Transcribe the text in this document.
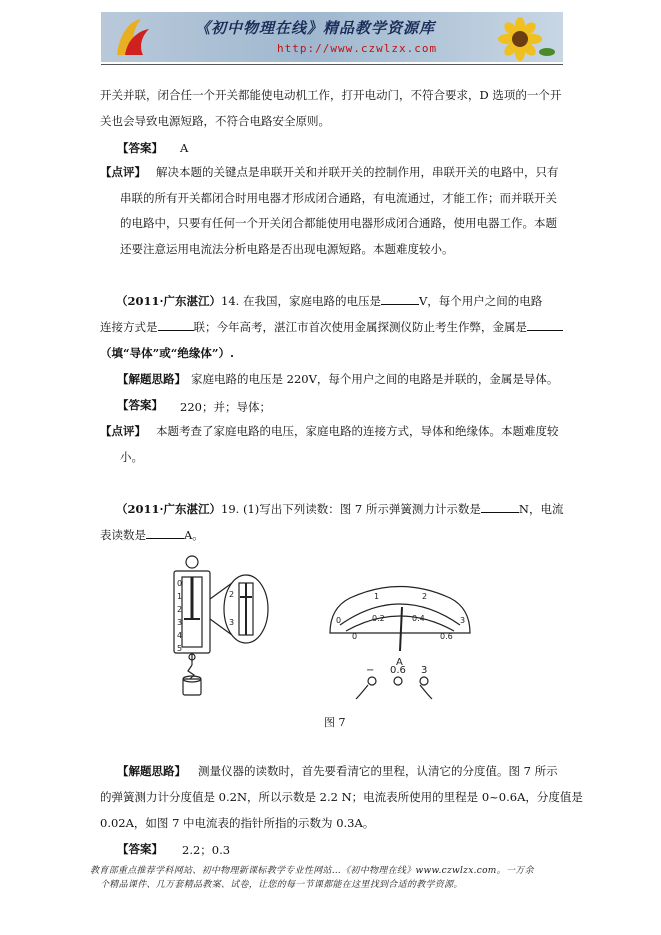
《初中物理在线》精品教学资源库
http://www.czwlzx.com
开关并联，闭合任一个开关都能使电动机工作，打开电动门，不符合要求，D 选项的一个开
关也会导致电源短路，不符合电路安全原则。
【答案】 A
【点评】 解决本题的关键点是串联开关和并联开关的控制作用，串联开关的电路中，只有
串联的所有开关都闭合时用电器才形成闭合通路，有电流通过，才能工作；而并联开关
的电路中，只要有任何一个开关闭合都能使用电器形成闭合通路，使用电器工作。本题
还要注意运用电流法分析电路是否出现电源短路。本题难度较小。
（2011·广东湛江）14. 在我国，家庭电路的电压是	V，每个用户之间的电路
连接方式是	联；今年高考，湛江市首次使用金属探测仪防止考生作弊，金属是
（填“导体”或“绝缘体”）.
【解题思路】 家庭电路的电压是 220V，每个用户之间的电路是并联的，金属是导体。
【答案】 220；并；导体；
【点评】 本题考查了家庭电路的电压，家庭电路的连接方式，导体和绝缘体。本题难度较
小。
（2011·广东湛江）19. (1)写出下列读数：图 7 所示弹簧测力计示数是	N，电流
表读数是	A。
0
1
2
3
4
5
2
3	0
1	2
3
0
0.2	0.4
0.6
A
− 0.6 3
图 7
【解题思路】 测量仪器的读数时，首先要看清它的里程，认清它的分度值。图 7 所示
的弹簧测力计分度值是 0.2N，所以示数是 2.2 N；电流表所使用的里程是 0~0.6A，分度值是
0.02A，如图 7 中电流表的指针所指的示数为 0.3A。
【答案】 2.2；0.3
教育部重点推荐学科网站、初中物理新课标教学专业性网站…《初中物理在线》www.czwlzx.com。一万余
个精品课件、几万套精品教案、试卷，让您的每一节课都能在这里找到合适的教学资源。
